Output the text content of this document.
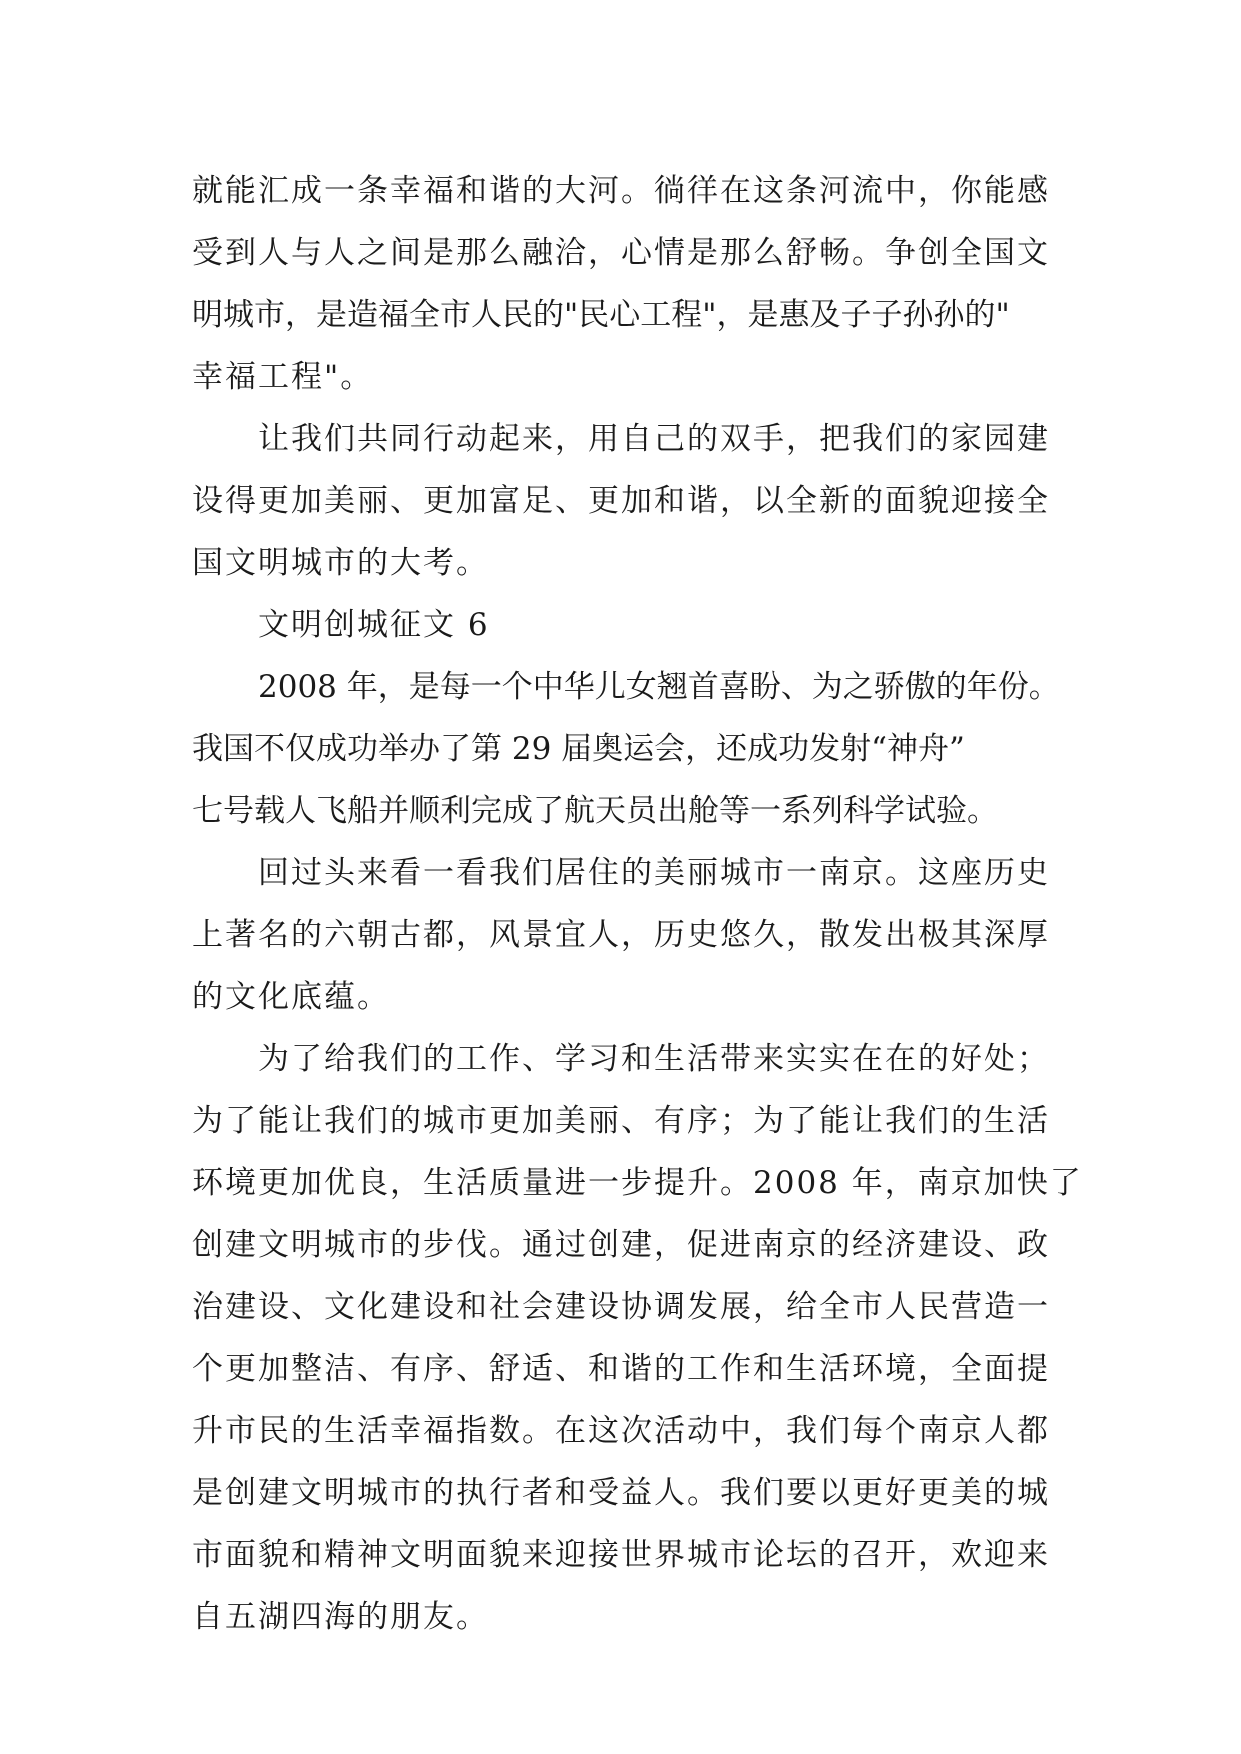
就能汇成一条幸福和谐的大河。徜徉在这条河流中，你能感
受到人与人之间是那么融洽，心情是那么舒畅。争创全国文
明城市，是造福全市人民的"民心工程"，是惠及子子孙孙的"
幸福工程"。
让我们共同行动起来，用自己的双手，把我们的家园建
设得更加美丽、更加富足、更加和谐，以全新的面貌迎接全
国文明城市的大考。
文明创城征文 6
2008 年，是每一个中华儿女翘首喜盼、为之骄傲的年份。
我国不仅成功举办了第 29 届奥运会，还成功发射“神舟”
七号载人飞船并顺利完成了航天员出舱等一系列科学试验。
回过头来看一看我们居住的美丽城市一南京。这座历史
上著名的六朝古都，风景宜人，历史悠久，散发出极其深厚
的文化底蕴。
为了给我们的工作、学习和生活带来实实在在的好处；
为了能让我们的城市更加美丽、有序；为了能让我们的生活
环境更加优良，生活质量进一步提升。2008 年，南京加快了
创建文明城市的步伐。通过创建，促进南京的经济建设、政
治建设、文化建设和社会建设协调发展，给全市人民营造一
个更加整洁、有序、舒适、和谐的工作和生活环境，全面提
升市民的生活幸福指数。在这次活动中，我们每个南京人都
是创建文明城市的执行者和受益人。我们要以更好更美的城
市面貌和精神文明面貌来迎接世界城市论坛的召开，欢迎来
自五湖四海的朋友。
